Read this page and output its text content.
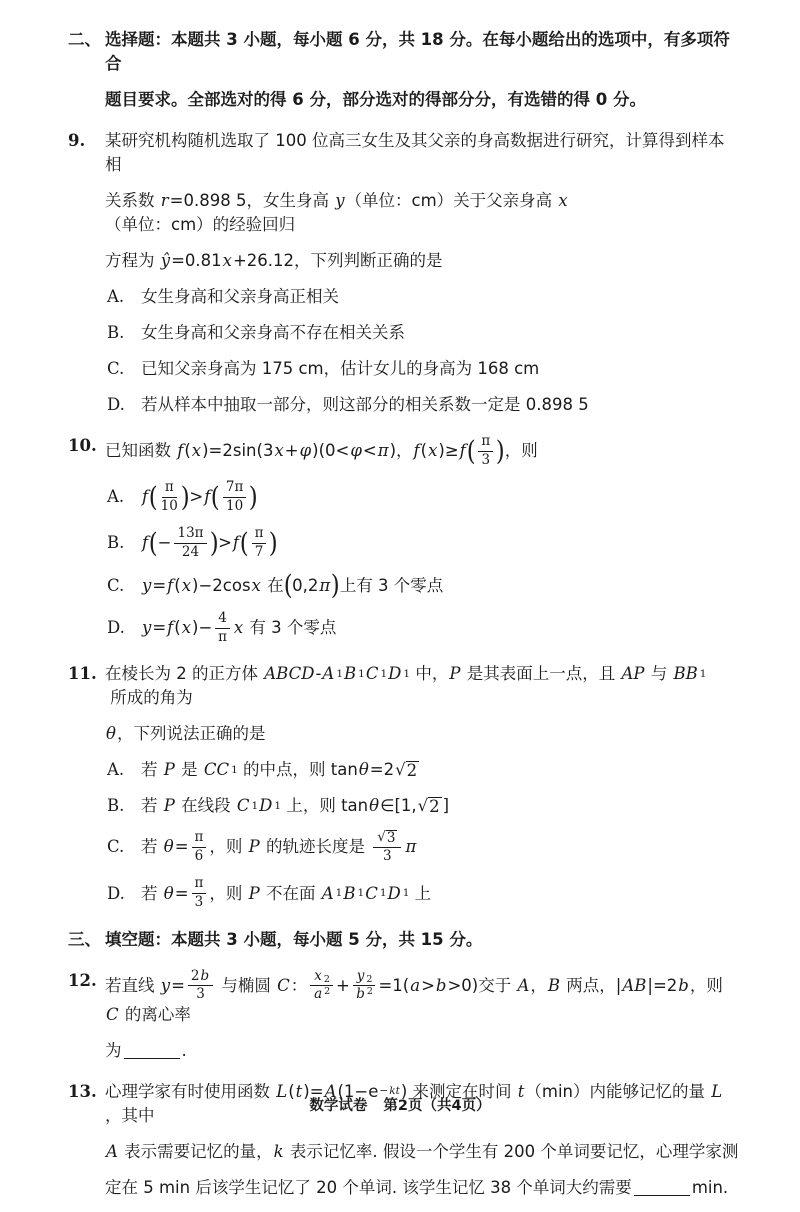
二、 选择题：本题共 3 小题，每小题 6 分，共 18 分。在每小题给出的选项中，有多项符合
题目要求。全部选对的得 6 分，部分选对的得部分分，有选错的得 0 分。
9.	某研究机构随机选取了 100 位高三女生及其父亲的身高数据进行研究，计算得到样本相
关系数 r =0.898 5，女生身高 y （单位：cm）关于父亲身高 x
（单位：cm）的经验回归
方程为 ŷ =0.81 x +26.12，下列判断正确的是
A.	女生身高和父亲身高正相关
B.	女生身高和父亲身高不存在相关关系
C.	已知父亲身高为 175 cm，估计女儿的身高为 168 cm
D. 若从样本中抽取一部分，则这部分的相关系数一定是 0.898 5
10. 已知函数 f ( x )=2sin(3 x + φ )(0< φ < π )， f ( x )≥ f ( $\frac{\pi}{3}$ ) ，则
A.	f ( $\frac{\pi}{10}$ ) > f ( $\frac{7\pi}{10}$ )
B.	f ( − $\frac{13\pi}{24}$ ) > f ( $\frac{\pi}{7}$ )
C.	y = f ( x )−2cos x 在 ( 0,2 π ) 上有 3 个零点
D.	y = f ( x )− $\frac{4}{\pi}$ x 有 3 个零点
11. 在棱长为 2 的正方体 ABCD - A 1 B 1 C 1 D 1 中， P 是其表面上一点，且 AP 与 BB 1
所成的角为
θ ，下列说法正确的是
A.	若 P 是 CC 1 的中点，则 tan θ =2 √ 2
B.	若 P 在线段 C 1 D 1 上，则 tan θ ∈[1, √ 2 ]
C.	若 $\theta = \frac{\pi}{6}$ ，则 P 的轨迹长度是 $\frac{√ 3}{3}$ π
D. 若 $\theta = \frac{\pi}{3}$ ，则 P 不在面 A 1 B 1 C 1 D 1 上
三、 填空题：本题共 3 小题，每小题 5 分，共 15 分。
12. 若直线 $y = \frac{2 b}{3}$ 与椭圆 C ： $\frac{x 2}{a 2} + \frac{y 2}{b 2} =1$( a > b >0)交于 A ， B 两点，| AB |=2 b ，则
C 的离心率
为	.
13. 心理学家有时使用函数 L ( t )= A (1−e −kt ) 来测定在时间 t （min）内能够记忆的量 L
，其中
A 表示需要记忆的量， k 表示记忆率. 假设一个学生有 200 个单词要记忆，心理学家测
定在 5 min 后该学生记忆了 20 个单词. 该学生记忆 38 个单词大约需要	min.
数学试卷 第2页（共4页）
